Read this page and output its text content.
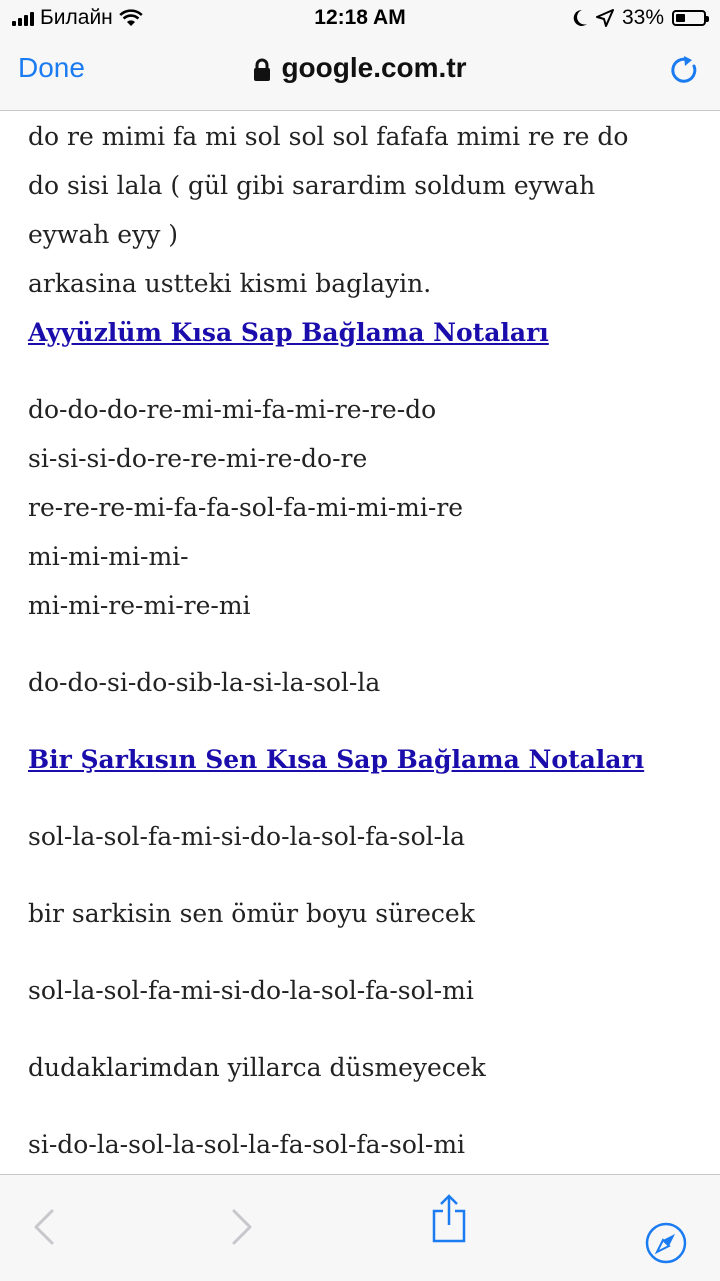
Билайн	12:18 AM	33%
Done	google.com.tr

do re mimi fa mi sol sol sol fafafa mimi re re do

do sisi lala ( gül gibi sarardim soldum eywah

eywah eyy )

arkasina ustteki kismi baglayin.

Ayyüzlüm Kısa Sap Bağlama Notaları

do-do-do-re-mi-mi-fa-mi-re-re-do

si-si-si-do-re-re-mi-re-do-re

re-re-re-mi-fa-fa-sol-fa-mi-mi-mi-re

mi-mi-mi-mi-

mi-mi-re-mi-re-mi

do-do-si-do-sib-la-si-la-sol-la

Bir Şarkısın Sen Kısa Sap Bağlama Notaları

sol-la-sol-fa-mi-si-do-la-sol-fa-sol-la

bir sarkisin sen ömür boyu sürecek

sol-la-sol-fa-mi-si-do-la-sol-fa-sol-mi

dudaklarimdan yillarca düsmeyecek

si-do-la-sol-la-sol-la-fa-sol-fa-sol-mi
